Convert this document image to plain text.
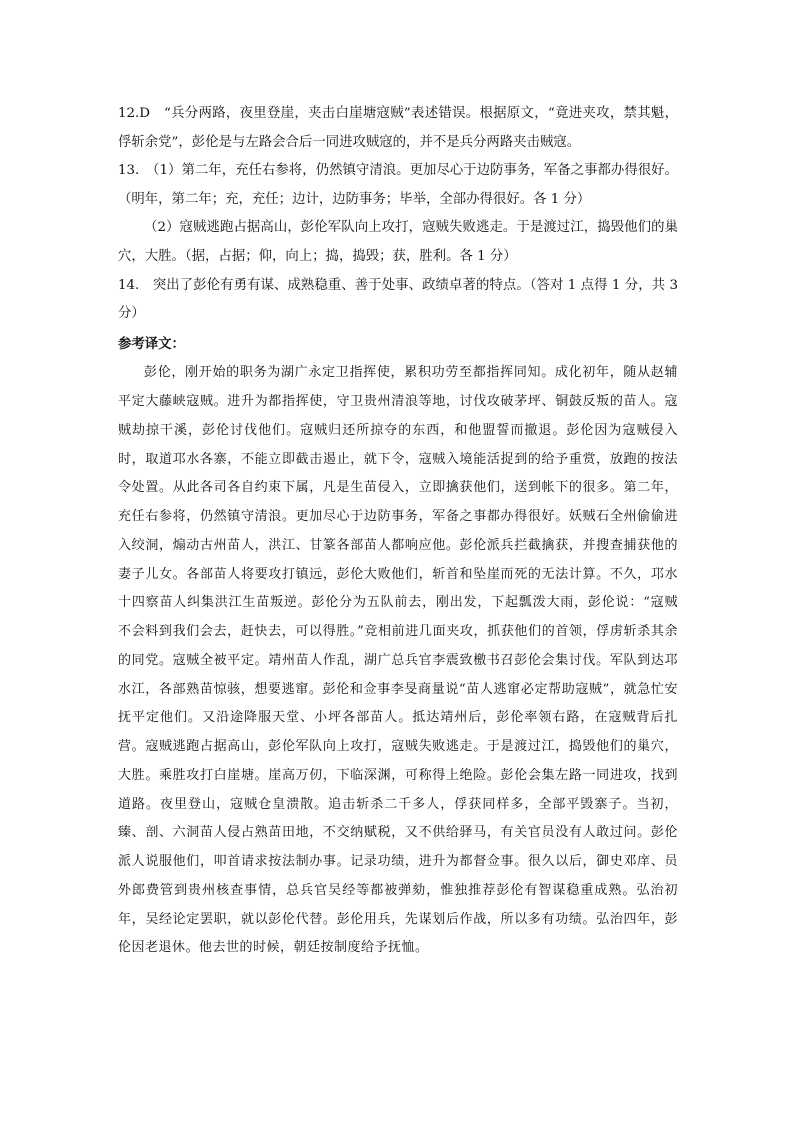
12.D　“兵分两路，夜里登崖，夹击白崖塘寇贼”表述错误。根据原文，“竟进夹攻，禁其魁，俘斩余党”，彭伦是与左路会合后一同进攻贼寇的，并不是兵分两路夹击贼寇。

13.　（1）第二年，充任右参将，仍然镇守清浪。更加尽心于边防事务，军备之事都办得很好。（明年，第二年；充，充任；边计，边防事务；毕举，全部办得很好。各 1 分）

（2）寇贼逃跑占据高山，彭伦军队向上攻打，寇贼失败逃走。于是渡过江，捣毁他们的巢穴，大胜。（据，占据；仰，向上；捣，捣毁；获，胜利。各 1 分）

14.　突出了彭伦有勇有谋、成熟稳重、善于处事、政绩卓著的特点。（答对 1 点得 1 分，共 3 分）

参考译文：

彭伦，刚开始的职务为湖广永定卫指挥使，累积功劳至都指挥同知。成化初年，随从赵辅平定大藤峡寇贼。进升为都指挥使，守卫贵州清浪等地，讨伐攻破茅坪、铜鼓反叛的苗人。寇贼劫掠干溪，彭伦讨伐他们。寇贼归还所掠夺的东西，和他盟誓而撤退。彭伦因为寇贼侵入时，取道邛水各寨，不能立即截击遏止，就下令，寇贼入境能活捉到的给予重赏，放跑的按法令处置。从此各司各自约束下属，凡是生苗侵入，立即擒获他们，送到帐下的很多。第二年，充任右参将，仍然镇守清浪。更加尽心于边防事务，军备之事都办得很好。妖贼石全州偷偷进入绞洞，煽动古州苗人，洪江、甘篆各部苗人都响应他。彭伦派兵拦截擒获，并搜查捕获他的妻子儿女。各部苗人将要攻打镇远，彭伦大败他们，斩首和坠崖而死的无法计算。不久，邛水十四察苗人纠集洪江生苗叛逆。彭伦分为五队前去，刚出发，下起瓢泼大雨，彭伦说：“寇贼不会料到我们会去，赶快去，可以得胜。”竞相前进几面夹攻，抓获他们的首领，俘虏斩杀其余的同党。寇贼全被平定。靖州苗人作乱，湖广总兵官李震致檄书召彭伦会集讨伐。军队到达邛水江，各部熟苗惊骇，想要逃窜。彭伦和佥事李旻商量说“苗人逃窜必定帮助寇贼”，就急忙安抚平定他们。又沿途降服天堂、小坪各部苗人。抵达靖州后，彭伦率领右路，在寇贼背后扎营。寇贼逃跑占据高山，彭伦军队向上攻打，寇贼失败逃走。于是渡过江，捣毁他们的巢穴，大胜。乘胜攻打白崖塘。崖高万仞，下临深渊，可称得上绝险。彭伦会集左路一同进攻，找到道路。夜里登山，寇贼仓皇溃散。追击斩杀二千多人，俘获同样多，全部平毁寨子。当初，臻、剖、六洞苗人侵占熟苗田地，不交纳赋税，又不供给驿马，有关官员没有人敢过问。彭伦派人说服他们，叩首请求按法制办事。记录功绩，进升为都督佥事。很久以后，御史邓庠、员外郎费管到贵州核查事情，总兵官吴经等都被弹劾，惟独推荐彭伦有智谋稳重成熟。弘治初年，吴经论定罢职，就以彭伦代替。彭伦用兵，先谋划后作战，所以多有功绩。弘治四年，彭伦因老退休。他去世的时候，朝廷按制度给予抚恤。
